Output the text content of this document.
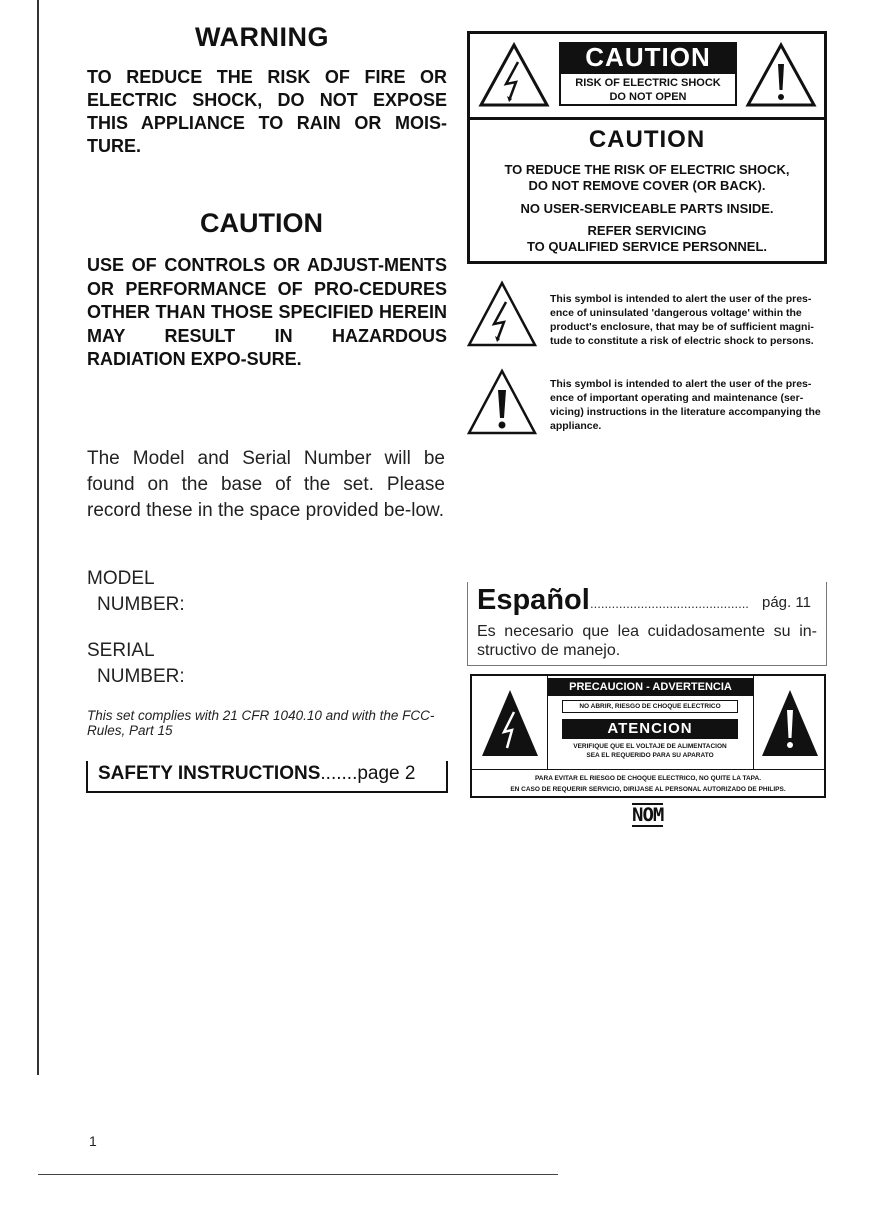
WARNING
TO REDUCE THE RISK OF FIRE OR ELECTRIC SHOCK, DO NOT EXPOSE THIS APPLIANCE TO RAIN OR MOIS-TURE.
CAUTION
USE OF CONTROLS OR ADJUST-MENTS OR PERFORMANCE OF PRO-CEDURES OTHER THAN THOSE SPECIFIED HEREIN MAY RESULT IN HAZARDOUS RADIATION EXPO-SURE.
The Model and Serial Number will be found on the base of the set. Please record these in the space provided be-low.
MODEL
NUMBER:
SERIAL
NUMBER:
This set complies with 21 CFR 1040.10 and with the FCC-Rules, Part 15
SAFETY INSTRUCTIONS.......page 2
CAUTION
RISK OF ELECTRIC SHOCK
DO NOT OPEN
CAUTION
TO REDUCE THE RISK OF ELECTRIC SHOCK,
DO NOT REMOVE COVER (OR BACK).
NO USER-SERVICEABLE PARTS INSIDE.
REFER SERVICING
TO QUALIFIED SERVICE PERSONNEL.
This symbol is intended to alert the user of the pres-ence of uninsulated 'dangerous voltage' within the product's enclosure, that may be of sufficient magni-tude to constitute a risk of electric shock to persons.
This symbol is intended to alert the user of the pres-ence of important operating and maintenance (ser-vicing) instructions in the literature accompanying the appliance.
Español ............................................ pág. 11
Es necesario que lea cuidadosamente su in-structivo de manejo.
PRECAUCION - ADVERTENCIA
NO ABRIR, RIESGO DE CHOQUE ELECTRICO
ATENCION
VERIFIQUE QUE EL VOLTAJE DE ALIMENTACION
SEA EL REQUERIDO PARA SU APARATO
PARA EVITAR EL RIESGO DE CHOQUE ELECTRICO, NO QUITE LA TAPA.
EN CASO DE REQUERIR SERVICIO, DIRIJASE AL PERSONAL AUTORIZADO DE PHILIPS.
NOM
1
